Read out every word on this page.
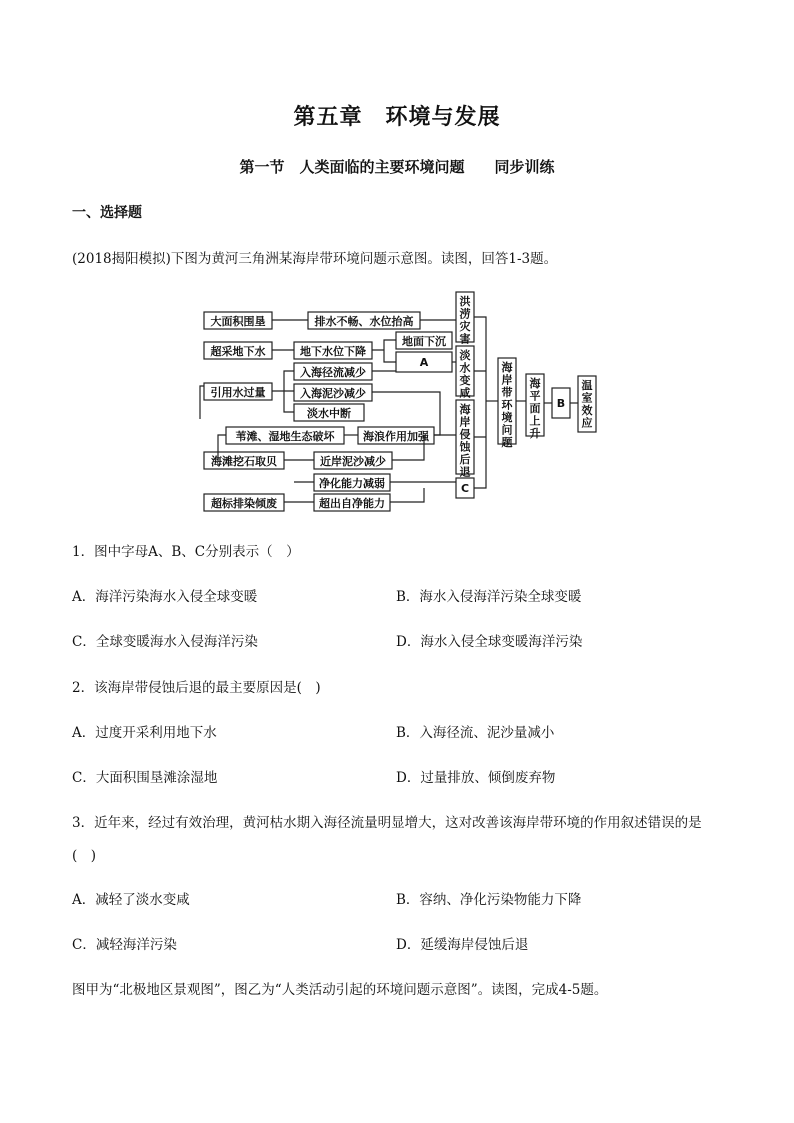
第五章　环境与发展
第一节　人类面临的主要环境问题　　同步训练
一、选择题
(2018揭阳模拟)下图为黄河三角洲某海岸带环境问题示意图。读图，回答1-3题。
大面积围垦
超采地下水
引用水过量
苇滩、湿地生态破坏
海滩挖石取贝
超标排染倾废
排水不畅、水位抬高
地下水位下降
地面下沉
A
入海径流减少
入海泥沙减少
淡水中断
海浪作用加强
近岸泥沙减少
净化能力减弱
超出自净能力
洪涝灾害
淡水变咸
海岸侵蚀后退
C
海岸带环境问题
海平面上升
B
温室效应
1．图中字母A、B、C分别表示（　）
A．海洋污染海水入侵全球变暖	B．海水入侵海洋污染全球变暖
C．全球变暖海水入侵海洋污染	D．海水入侵全球变暖海洋污染
2．该海岸带侵蚀后退的最主要原因是(　)
A．过度开采利用地下水	B．入海径流、泥沙量减小
C．大面积围垦滩涂湿地	D．过量排放、倾倒废弃物
3．近年来，经过有效治理，黄河枯水期入海径流量明显增大，这对改善该海岸带环境的作用叙述错误的是
(　)
A．减轻了淡水变咸	B．容纳、净化污染物能力下降
C．减轻海洋污染	D．延缓海岸侵蚀后退
图甲为“北极地区景观图”，图乙为“人类活动引起的环境问题示意图”。读图，完成4-5题。
